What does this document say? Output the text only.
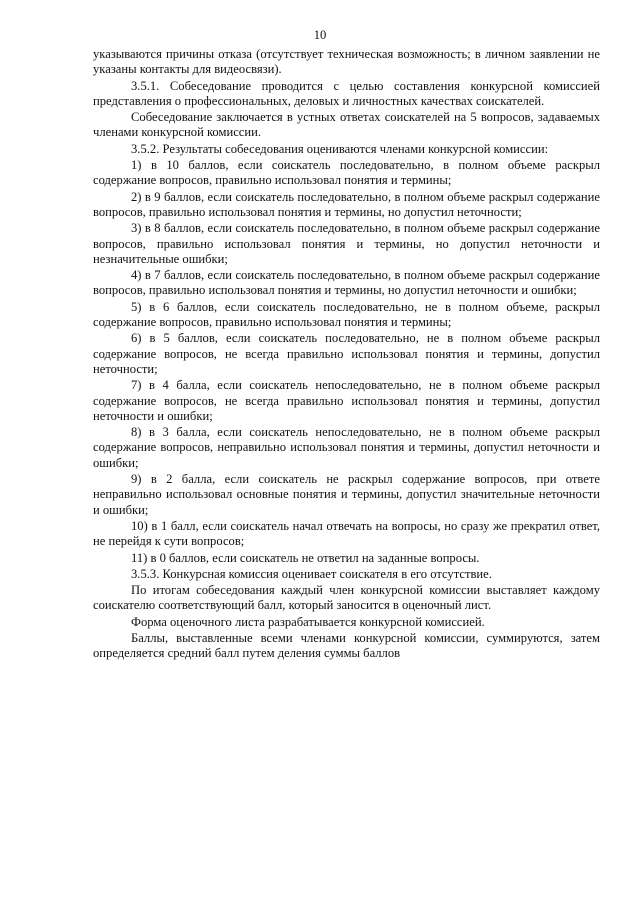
10

указываются причины отказа (отсутствует техническая возможность; в личном заявлении не указаны контакты для видеосвязи).

3.5.1. Собеседование проводится с целью составления конкурсной комиссией представления о профессиональных, деловых и личностных качествах соискателей.

Собеседование заключается в устных ответах соискателей на 5 вопросов, задаваемых членами конкурсной комиссии.

3.5.2. Результаты собеседования оцениваются членами конкурсной комиссии:

1) в 10 баллов, если соискатель последовательно, в полном объеме раскрыл содержание вопросов, правильно использовал понятия и термины;

2) в 9 баллов, если соискатель последовательно, в полном объеме раскрыл содержание вопросов, правильно использовал понятия и термины, но допустил неточности;

3) в 8 баллов, если соискатель последовательно, в полном объеме раскрыл содержание вопросов, правильно использовал понятия и термины, но допустил неточности и незначительные ошибки;

4) в 7 баллов, если соискатель последовательно, в полном объеме раскрыл содержание вопросов, правильно использовал понятия и термины, но допустил неточности и ошибки;

5) в 6 баллов, если соискатель последовательно, не в полном объеме, раскрыл содержание вопросов, правильно использовал понятия и термины;

6) в 5 баллов, если соискатель последовательно, не в полном объеме раскрыл содержание вопросов, не всегда правильно использовал понятия и термины, допустил неточности;

7) в 4 балла, если соискатель непоследовательно, не в полном объеме раскрыл содержание вопросов, не всегда правильно использовал понятия и термины, допустил неточности и ошибки;

8) в 3 балла, если соискатель непоследовательно, не в полном объеме раскрыл содержание вопросов, неправильно использовал понятия и термины, допустил неточности и ошибки;

9) в 2 балла, если соискатель не раскрыл содержание вопросов, при ответе неправильно использовал основные понятия и термины, допустил значительные неточности и ошибки;

10) в 1 балл, если соискатель начал отвечать на вопросы, но сразу же прекратил ответ, не перейдя к сути вопросов;

11) в 0 баллов, если соискатель не ответил на заданные вопросы.

3.5.3. Конкурсная комиссия оценивает соискателя в его отсутствие.

По итогам собеседования каждый член конкурсной комиссии выставляет каждому соискателю соответствующий балл, который заносится в оценочный лист.

Форма оценочного листа разрабатывается конкурсной комиссией.

Баллы, выставленные всеми членами конкурсной комиссии, суммируются, затем определяется средний балл путем деления суммы баллов
